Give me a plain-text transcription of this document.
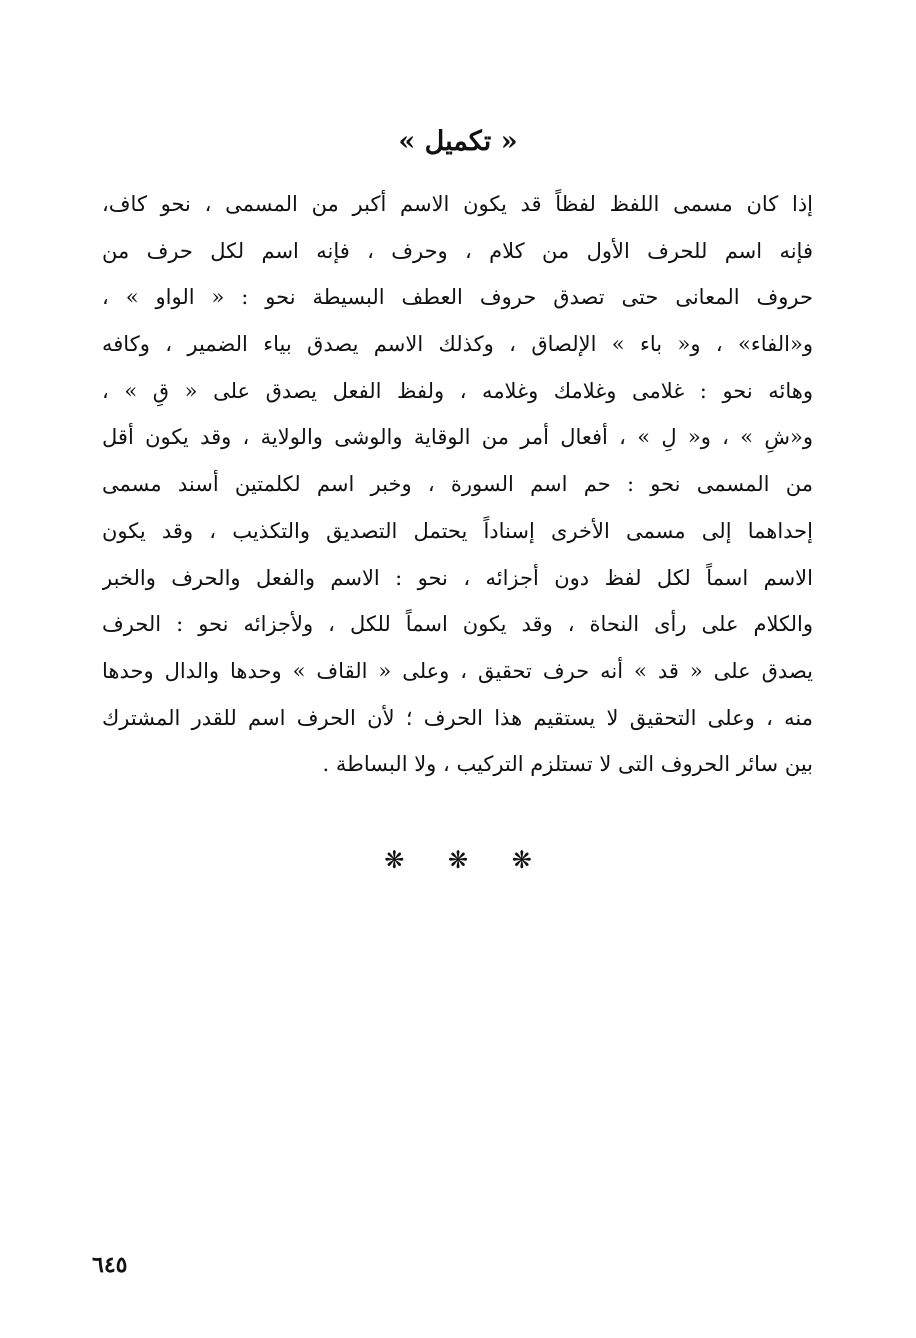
« تكميل »
إذا كان مسمى اللفظ لفظاً قد يكون الاسم أكبر من المسمى ، نحو كاف،
فإنه اسم للحرف الأول من كلام ، وحرف ، فإنه اسم لكل حرف من
حروف المعانى حتى تصدق حروف العطف البسيطة نحو : « الواو » ،
و«الفاء» ، و« باء » الإلصاق ، وكذلك الاسم يصدق بياء الضمير ، وكافه
وهائه نحو : غلامى وغلامك وغلامه ، ولفظ الفعل يصدق على « قِ » ،
و«شِ » ، و« لِ » ، أفعال أمر من الوقاية والوشى والولاية ، وقد يكون أقل
من المسمى نحو : حم اسم السورة ، وخبر اسم لكلمتين أسند مسمى
إحداهما إلى مسمى الأخرى إسناداً يحتمل التصديق والتكذيب ، وقد يكون
الاسم اسماً لكل لفظ دون أجزائه ، نحو : الاسم والفعل والحرف والخبر
والكلام على رأى النحاة ، وقد يكون اسماً للكل ، ولأجزائه نحو : الحرف
يصدق على « قد » أنه حرف تحقيق ، وعلى « القاف » وحدها والدال وحدها
منه ، وعلى التحقيق لا يستقيم هذا الحرف ؛ لأن الحرف اسم للقدر المشترك
بين سائر الحروف التى لا تستلزم التركيب ، ولا البساطة .
❋ ❋ ❋
٦٤٥
